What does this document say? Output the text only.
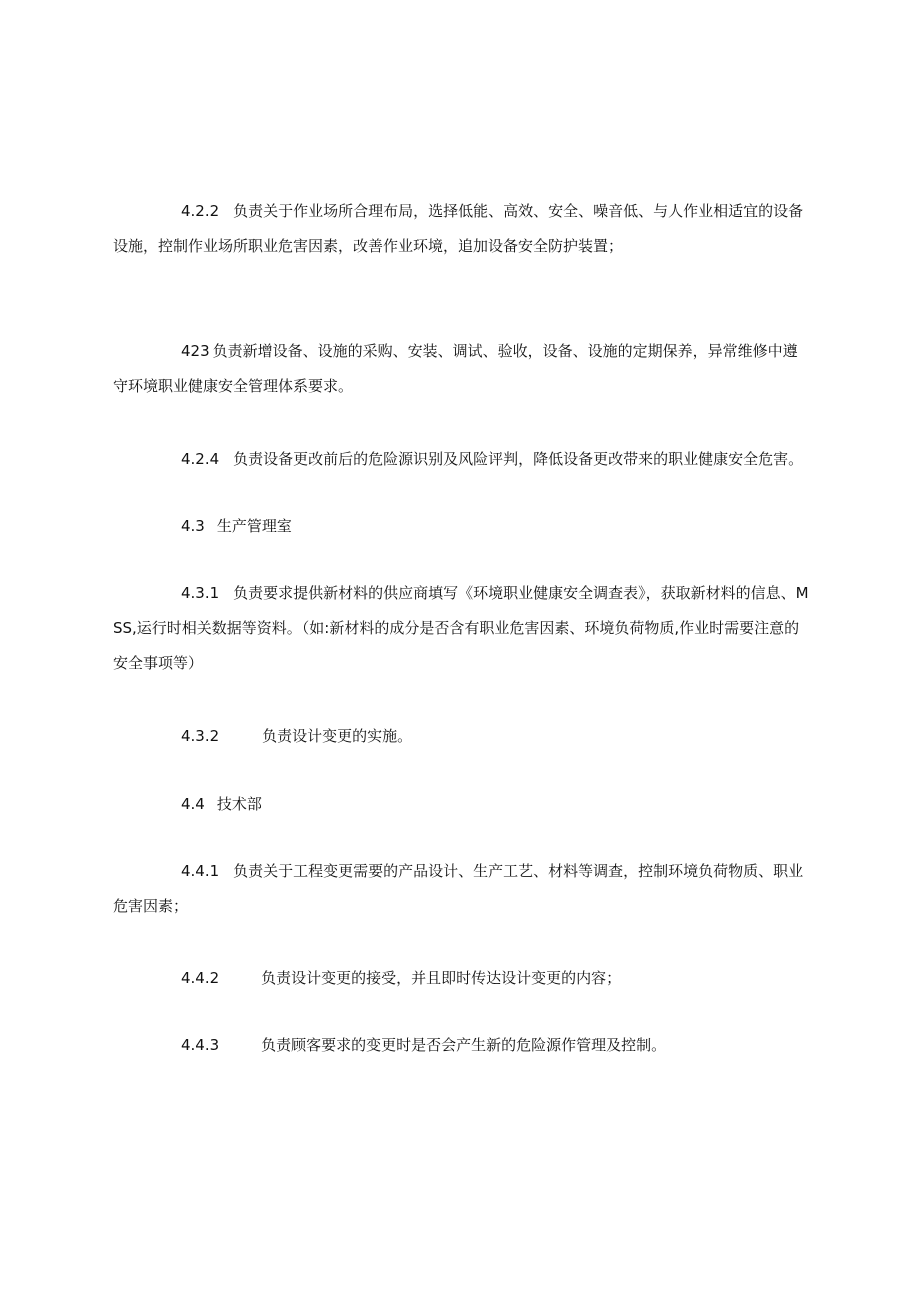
4.2.2 负责关于作业场所合理布局，选择低能、高效、安全、噪音低、与人作业相适宜的设备设施，控制作业场所职业危害因素，改善作业环境，追加设备安全防护装置；

423 负责新增设备、设施的采购、安装、调试、验收，设备、设施的定期保养，异常维修中遵守环境职业健康安全管理体系要求。

4.2.4 负责设备更改前后的危险源识别及风险评判，降低设备更改带来的职业健康安全危害。

4.3 生产管理室

4.3.1 负责要求提供新材料的供应商填写《环境职业健康安全调查表》，获取新材料的信息、MSS,运行时相关数据等资料。（如:新材料的成分是否含有职业危害因素、环境负荷物质,作业时需要注意的安全事项等）

4.3.2	负责设计变更的实施。

4.4 技术部

4.4.1 负责关于工程变更需要的产品设计、生产工艺、材料等调查，控制环境负荷物质、职业危害因素；

4.4.2	负责设计变更的接受，并且即时传达设计变更的内容；

4.4.3	负责顾客要求的变更时是否会产生新的危险源作管理及控制。
